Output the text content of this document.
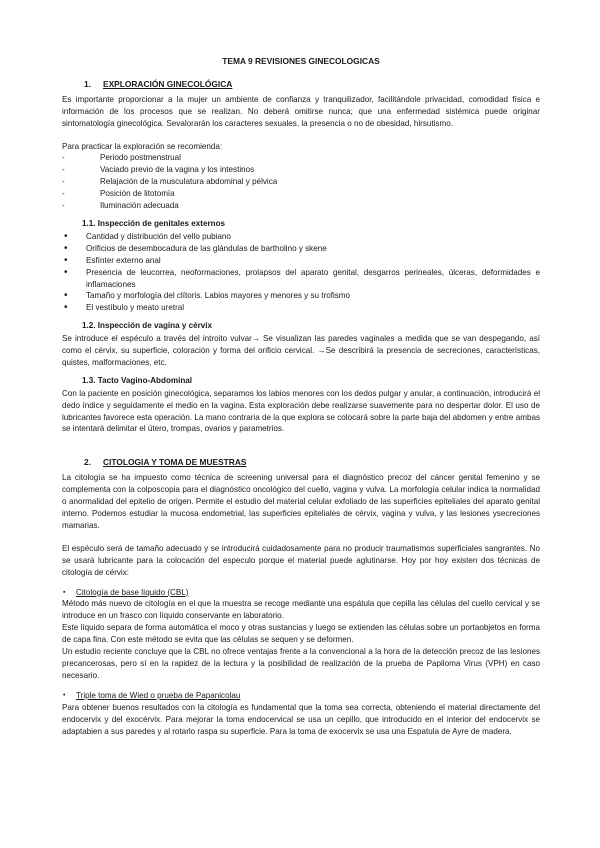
TEMA 9 REVISIONES GINECOLOGICAS
1. EXPLORACIÓN GINECOLÓGICA

Es importante proporcionar a la mujer un ambiente de confianza y tranquilizador, facilitándole privacidad, comodidad física e información de los procesos que se realizan. No deberá omitirse nunca; que una enfermedad sistémica puede originar sintomatología ginecológica. Sevalorarán los caracteres sexuales, la presencia o no de obesidad, hirsutismo.

Para practicar la exploración se recomienda:

- Periodo postmenstrual
- Vaciado previo de la vagina y los intestinos
- Relajación de la musculatura abdominal y pélvica
- Posición de litotomía
- Iluminación adecuada
1.1. Inspección de genitales externos
• Cantidad y distribución del vello pubiano
• Orificios de desembocadura de las glándulas de bartholino y skene
• Esfínter externo anal
• Presencia de leucorrea, neoformaciones, prolapsos del aparato genital, desgarros perineales, úlceras, deformidades e inflamaciones
• Tamaño y morfología del clítoris. Labios mayores y menores y su trofismo
• El vestíbulo y meato uretral
1.2. Inspección de vagina y cérvix

Se introduce el espéculo a través del introito vulvar→ Se visualizan las paredes vaginales a medida que se van despegando, así como el cérvix, su superficie, coloración y forma del orificio cervical. →Se describirá la presencia de secreciones, características, quistes, malformaciones, etc.

1.3. Tacto Vagino-Abdominal

Con la paciente en posición ginecológica, separamos los labios menores con los dedos pulgar y anular, a continuación, introducirá el dedo índice y seguidamente el medio en la vagina. Esta exploración debe realizarse suavemente para no despertar dolor. El uso de lubricantes favorece esta operación. La mano contraria de la que explora se colocará sobre la parte baja del abdomen y entre ambas se intentará delimitar el útero, trompas, ovarios y parametrios.

2. CITOLOGIA Y TOMA DE MUESTRAS

La citología se ha impuesto como técnica de screening universal para el diagnóstico precoz del cáncer genital femenino y se complementa con la colposcopia para el diagnóstico oncológico del cuello, vagina y vulva. La morfología celular indica la normalidad o anormalidad del epitelio de origen. Permite el estudio del material celular exfoliado de las superficies epiteliales del aparato genital interno. Podemos estudiar la mucosa endometrial, las superficies epiteliales de cérvix, vagina y vulva, y las lesiones ysecreciones mamarias.

El espéculo será de tamaño adecuado y se introducirá cuidadosamente para no producir traumatismos superficiales sangrantes. No se usará lubricante para la colocación del especulo porque el material puede aglutinarse. Hoy por hoy existen dos técnicas de citología de cérvix:

▪ Citología de base líquido (CBL)

Método más nuevo de citología en el que la muestra se recoge mediante una espátula que cepilla las células del cuello cervical y se introduce en un frasco con líquido conservante en laboratorio.

Este líquido separa de forma automática el moco y otras sustancias y luego se extienden las células sobre un portaobjetos en forma de capa fina. Con este método se evita que las células se sequen y se deformen.

Un estudio reciente concluye que la CBL no ofrece ventajas frente a la convencional a la hora de la detección precoz de las lesiones precancerosas, pero sí en la rapidez de la lectura y la posibilidad de realización de la prueba de Papiloma Virus (VPH) en caso necesario.

• Triple toma de Wied o prueba de Papanicolau

Para obtener buenos resultados con la citología es fundamental que la toma sea correcta, obteniendo el material directamente del endocervix y del exocérvix. Para mejorar la toma endocervical se usa un cepillo, que introducido en el interior del endocervix se adaptabien a sus paredes y al rotarlo raspa su superficie. Para la toma de exocervix se usa una Espatula de Ayre de madera.
